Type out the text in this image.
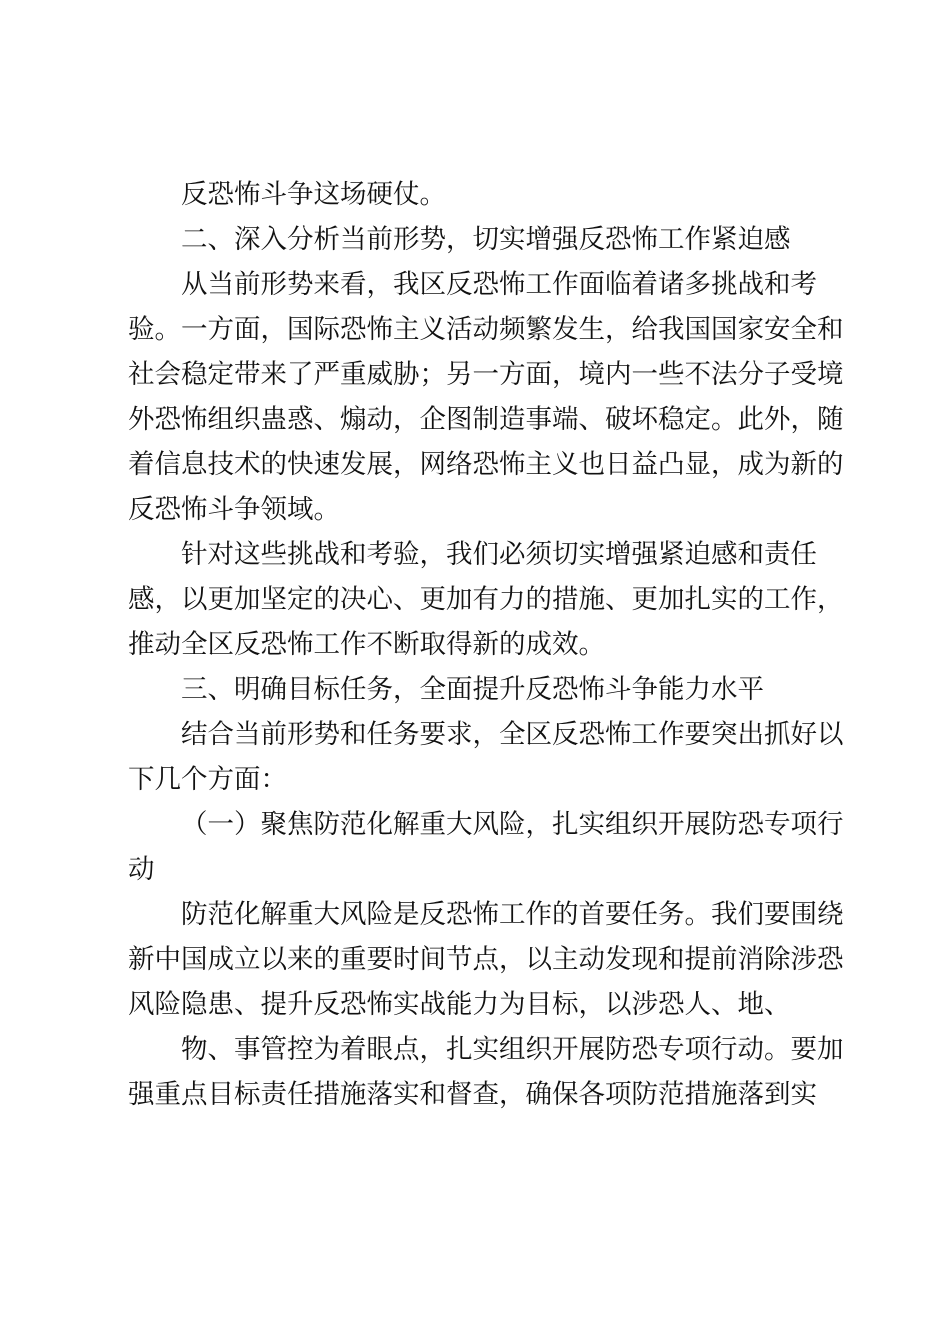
反恐怖斗争这场硬仗。
二、深入分析当前形势，切实增强反恐怖工作紧迫感
从当前形势来看，我区反恐怖工作面临着诸多挑战和考
验。一方面，国际恐怖主义活动频繁发生，给我国国家安全和
社会稳定带来了严重威胁；另一方面，境内一些不法分子受境
外恐怖组织蛊惑、煽动，企图制造事端、破坏稳定。此外，随
着信息技术的快速发展，网络恐怖主义也日益凸显，成为新的
反恐怖斗争领域。
针对这些挑战和考验，我们必须切实增强紧迫感和责任
感，以更加坚定的决心、更加有力的措施、更加扎实的工作，
推动全区反恐怖工作不断取得新的成效。
三、明确目标任务，全面提升反恐怖斗争能力水平
结合当前形势和任务要求，全区反恐怖工作要突出抓好以
下几个方面：
（一）聚焦防范化解重大风险，扎实组织开展防恐专项行
动
防范化解重大风险是反恐怖工作的首要任务。我们要围绕
新中国成立以来的重要时间节点，以主动发现和提前消除涉恐
风险隐患、提升反恐怖实战能力为目标，以涉恐人、地、
物、事管控为着眼点，扎实组织开展防恐专项行动。要加
强重点目标责任措施落实和督查，确保各项防范措施落到实
